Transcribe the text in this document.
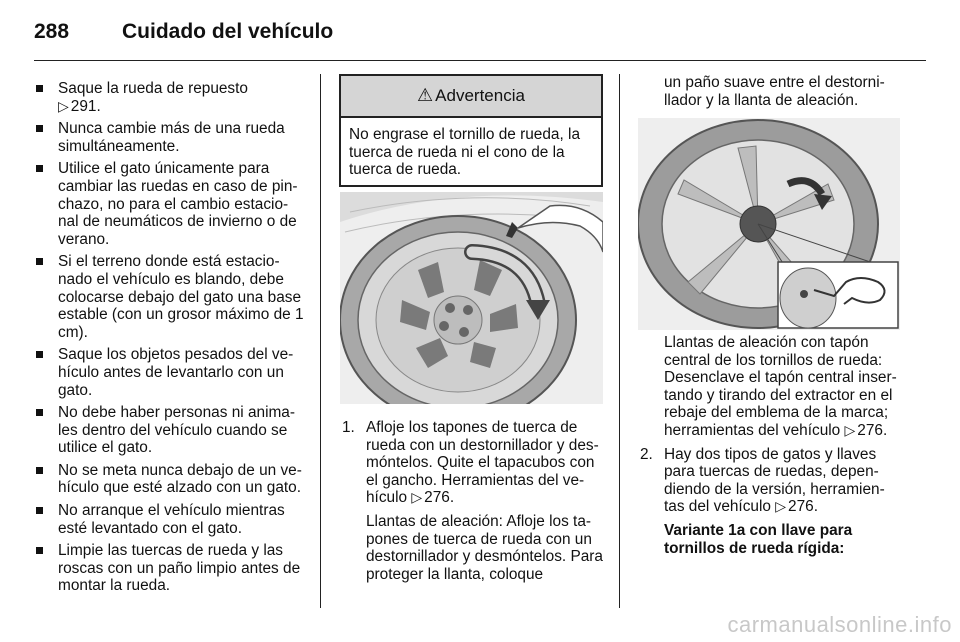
288	Cuidado del vehículo
Saque la rueda de repuesto
▷ 291.
Nunca cambie más de una rueda simultáneamente.
Utilice el gato únicamente para cambiar las ruedas en caso de pin-chazo, no para el cambio estacio-nal de neumáticos de invierno o de verano.
Si el terreno donde está estacio-nado el vehículo es blando, debe colocarse debajo del gato una base estable (con un grosor máximo de 1 cm).
Saque los objetos pesados del ve-hículo antes de levantarlo con un gato.
No debe haber personas ni anima-les dentro del vehículo cuando se utilice el gato.
No se meta nunca debajo de un ve-hículo que esté alzado con un gato.
No arranque el vehículo mientras esté levantado con el gato.
Limpie las tuercas de rueda y las roscas con un paño limpio antes de montar la rueda.
⚠ Advertencia
No engrase el tornillo de rueda, la tuerca de rueda ni el cono de la tuerca de rueda.
1. Afloje los tapones de tuerca de rueda con un destornillador y des-móntelos. Quite el tapacubos con el gancho. Herramientas del ve-hículo ▷ 276.

Llantas de aleación: Afloje los ta-pones de tuerca de rueda con un destornillador y desmóntelos. Para proteger la llanta, coloque

un paño suave entre el destorni-llador y la llanta de aleación.

Llantas de aleación con tapón central de los tornillos de rueda: Desenclave el tapón central inser-tando y tirando del extractor en el rebaje del emblema de la marca; herramientas del vehículo ▷ 276.

2. Hay dos tipos de gatos y llaves para tuercas de ruedas, depen-diendo de la versión, herramien-tas del vehículo ▷ 276.

Variante 1a con llave para tornillos de rueda rígida:

carmanualsonline.info
